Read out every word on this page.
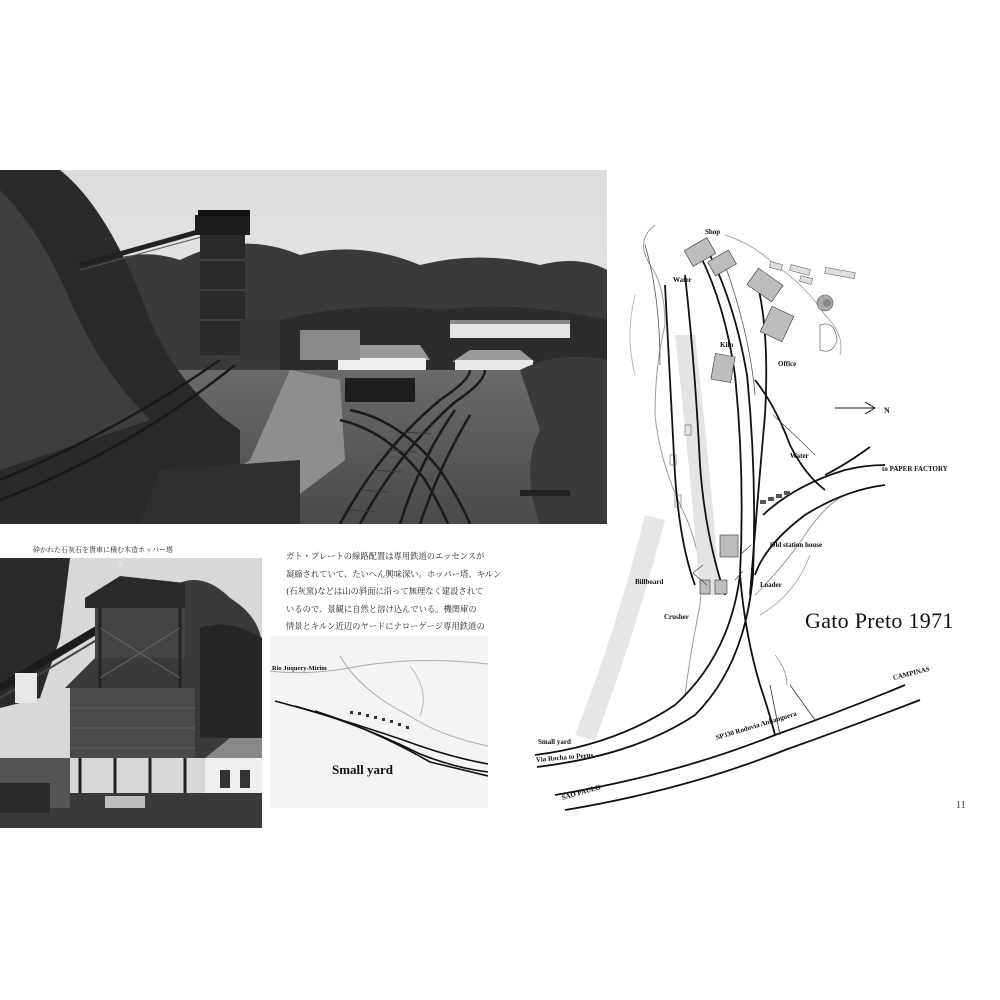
砕かれた石灰石を貨車に積む木造ホッパー塔
7
ガト・プレートの線路配置は専用鉄道のエッセンスが
凝縮されていて、たいへん興味深い。ホッパー塔、キルン
(石灰窯)などは山の斜面に沿って無理なく建設されて
いるので、景観に自然と溶け込んでいる。機関庫の
情景とキルン近辺のヤードにナローゲージ専用鉄道の
Rio Juquery-Mirim
Small yard
Shop
Water
Kiln
Office
N
Water
to PAPER FACTORY
Old station house
Billboard	Loader
Crusher	Gato Preto 1971
Small yard
Via Rocha to Perus
CAMPINAS
SP330 Rodovia Anhanguera
SAO PAULO
11
